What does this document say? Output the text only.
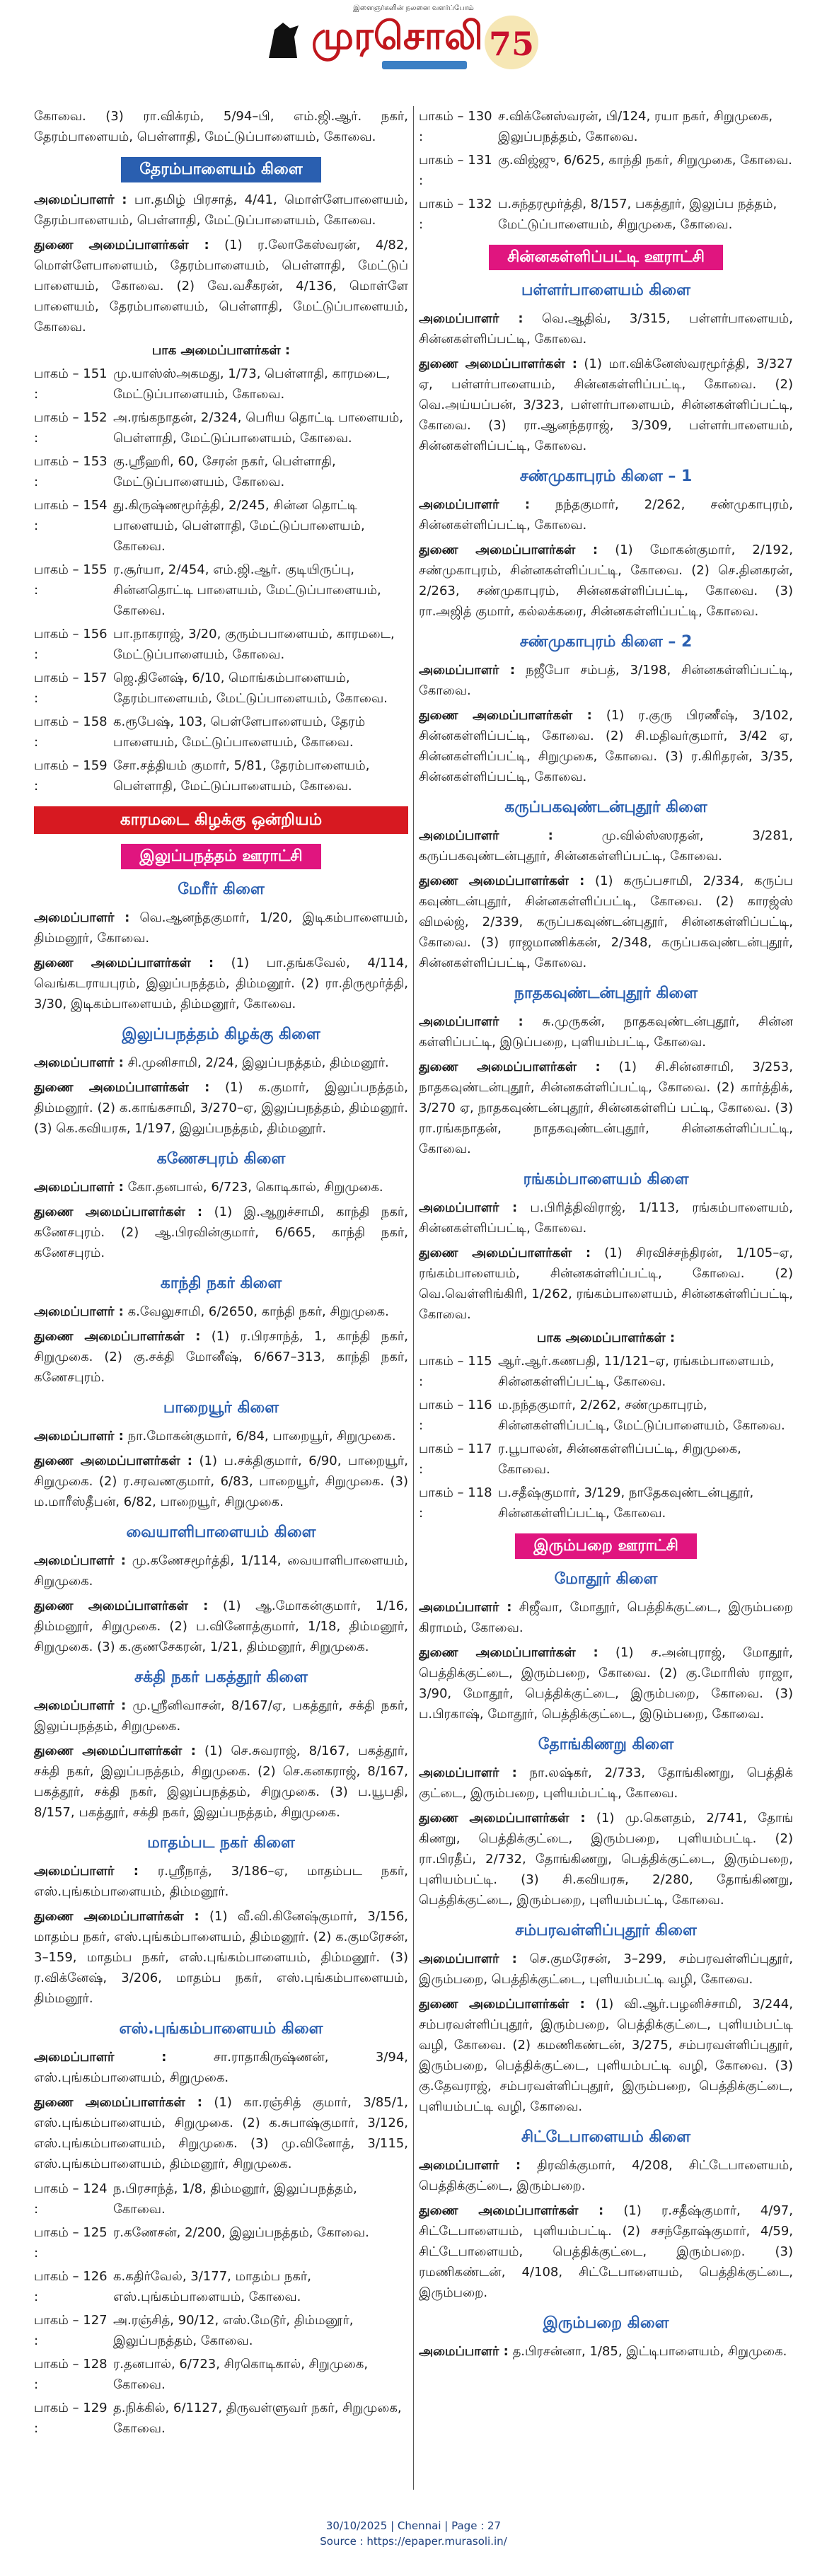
இளைஞர்களின் நலனை வளர்ப்போம்
முரசொலி
75
கோவை. (3) ரா.விக்ரம், 5/94–பி, எம்.ஜி.ஆர். நகர், தேரம்பாளையம், பெள்ளாதி, மேட்டுப்பாளையம், கோவை.
தேரம்பாளையம் கிளை
அமைப்பாளர் : பா.தமிழ் பிரசாத், 4/41, மொள்ளேபாளையம், தேரம்பாளையம், பெள்ளாதி, மேட்டுப்பாளையம், கோவை.
துணை அமைப்பாளர்கள் : (1) ர.லோகேஸ்வரன், 4/82, மொள்ளேபாளையம், தேரம்பாளையம், பெள்ளாதி, மேட்டுப் பாளையம், கோவை. (2) வே.வசீகரன், 4/136, மொள்ளே பாளையம், தேரம்பாளையம், பெள்ளாதி, மேட்டுப்பாளையம், கோவை.
பாக அமைப்பாளர்கள் :
பாகம் – 151 :
மு.யாஸ்ஸ்அகமது, 1/73, பெள்ளாதி, காரமடை, மேட்டுப்பாளையம், கோவை.
பாகம் – 152 :
அ.ரங்கநாதன், 2/324, பெரிய தொட்டி பாளையம், பெள்ளாதி, மேட்டுப்பாளையம், கோவை.
பாகம் – 153 :
கு.ஸ்ரீஹரி, 60, சேரன் நகர், பெள்ளாதி, மேட்டுப்பாளையம், கோவை.
பாகம் – 154 :
து.கிருஷ்ணமூர்த்தி, 2/245, சின்ன தொட்டி பாளையம், பெள்ளாதி, மேட்டுப்பாளையம், கோவை.
பாகம் – 155 :
ர.சூர்யா, 2/454, எம்.ஜி.ஆர். குடியிருப்பு, சின்னதொட்டி பாளையம், மேட்டுப்பாளையம், கோவை.
பாகம் – 156 :
பா.நாகராஜ், 3/20, குரும்பபாளையம், காரமடை, மேட்டுப்பாளையம், கோவை.
பாகம் – 157 :
ஜெ.தினேஷ், 6/10, மொங்கம்பாளையம், தேரம்பாளையம், மேட்டுப்பாளையம், கோவை.
பாகம் – 158 :
க.ரூபேஷ், 103, பெள்ளேபாளையம், தேரம் பாளையம், மேட்டுப்பாளையம், கோவை.
பாகம் – 159 :
சோ.சத்தியம் குமார், 5/81, தேரம்பாளையம், பெள்ளாதி, மேட்டுப்பாளையம், கோவை.
காரமடை கிழக்கு ஒன்றியம்
இலுப்பநத்தம் ஊராட்சி
மேரீர் கிளை
அமைப்பாளர் : வெ.ஆனந்தகுமார், 1/20, இடிகம்பாளையம், திம்மனூர், கோவை.
துணை அமைப்பாளர்கள் : (1) பா.தங்கவேல், 4/114, வெங்கடராயபுரம், இலுப்பநத்தம், திம்மனூர். (2) ரா.திருமூர்த்தி, 3/30, இடிகம்பாளையம், திம்மனூர், கோவை.
இலுப்பநத்தம் கிழக்கு கிளை
அமைப்பாளர் : சி.முனிசாமி, 2/24, இலுப்பநத்தம், திம்மனூர்.
துணை அமைப்பாளர்கள் : (1) க.குமார், இலுப்பநத்தம், திம்மனூர். (2) க.காங்கசாமி, 3/270–ஏ, இலுப்பநத்தம், திம்மனூர். (3) கெ.கவியரசு, 1/197, இலுப்பநத்தம், திம்மனூர்.
கணேசபுரம் கிளை
அமைப்பாளர் : கோ.தனபால், 6/723, கொடிகால், சிறுமுகை.
துணை அமைப்பாளர்கள் : (1) இ.ஆறுச்சாமி, காந்தி நகர், கணேசபுரம். (2) ஆ.பிரவின்குமார், 6/665, காந்தி நகர், கணேசபுரம்.
காந்தி நகர் கிளை
அமைப்பாளர் : க.வேலுசாமி, 6/2650, காந்தி நகர், சிறுமுகை.
துணை அமைப்பாளர்கள் : (1) ர.பிரசாந்த், 1, காந்தி நகர், சிறுமுகை. (2) கு.சக்தி மோனீஷ், 6/667–313, காந்தி நகர், கணேசபுரம்.
பாறையூர் கிளை
அமைப்பாளர் : நா.மோகன்குமார், 6/84, பாறையூர், சிறுமுகை.
துணை அமைப்பாளர்கள் : (1) ப.சக்திகுமார், 6/90, பாறையூர், சிறுமுகை. (2) ர.சரவணகுமார், 6/83, பாறையூர், சிறுமுகை. (3) ம.மாரீஸ்தீபன், 6/82, பாறையூர், சிறுமுகை.
வையாளிபாளையம் கிளை
அமைப்பாளர் : மு.கணேசமூர்த்தி, 1/114, வையாளிபாளையம், சிறுமுகை.
துணை அமைப்பாளர்கள் : (1) ஆ.மோகன்குமார், 1/16, திம்மனூர், சிறுமுகை. (2) ப.வினோத்குமார், 1/18, திம்மனூர், சிறுமுகை. (3) க.குணசேகரன், 1/21, திம்மனூர், சிறுமுகை.
சக்தி நகர் பகத்தூர் கிளை
அமைப்பாளர் : மு.ஸ்ரீனிவாசன், 8/167/ஏ, பகத்தூர், சக்தி நகர், இலுப்பநத்தம், சிறுமுகை.
துணை அமைப்பாளர்கள் : (1) செ.சுவராஜ், 8/167, பகத்தூர், சக்தி நகர், இலுப்பநத்தம், சிறுமுகை. (2) செ.கனகராஜ், 8/167, பகத்தூர், சக்தி நகர், இலுப்பநத்தம், சிறுமுகை. (3) ப.யூபதி, 8/157, பகத்தூர், சக்தி நகர், இலுப்பநத்தம், சிறுமுகை.
மாதம்பட நகர் கிளை
அமைப்பாளர் : ர.ஸ்ரீநாத், 3/186–ஏ, மாதம்பட நகர், எஸ்.புங்கம்பாளையம், திம்மனூர்.
துணை அமைப்பாளர்கள் : (1) வீ.வி.கினேஷ்குமார், 3/156, மாதம்ப நகர், எஸ்.புங்கம்பாளையம், திம்மனூர். (2) க.குமரேசன், 3–159, மாதம்ப நகர், எஸ்.புங்கம்பாளையம், திம்மனூர். (3) ர.விக்னேஷ், 3/206, மாதம்ப நகர், எஸ்.புங்கம்பாளையம், திம்மனூர்.
எஸ்.புங்கம்பாளையம் கிளை
அமைப்பாளர் :	சா.ராதாகிருஷ்ணன், 3/94, எஸ்.புங்கம்பாளையம், சிறுமுகை.
துணை அமைப்பாளர்கள் : (1) கா.ரஞ்சித் குமார், 3/85/1, எஸ்.புங்கம்பாளையம், சிறுமுகை. (2) க.சுபாஷ்குமார், 3/126, எஸ்.புங்கம்பாளையம், சிறுமுகை. (3) மு.வினோத், 3/115, எஸ்.புங்கம்பாளையம், திம்மனூர், சிறுமுகை.
பாகம் – 124 :
ந.பிரசாந்த், 1/8, திம்மனூர், இலுப்பநத்தம், கோவை.
பாகம் – 125 :
ர.கணேசன், 2/200, இலுப்பநத்தம், கோவை.
பாகம் – 126 :
க.கதிர்வேல், 3/177, மாதம்ப நகர், எஸ்.புங்கம்பாளையம், கோவை.
பாகம் – 127 :
அ.ரஞ்சித், 90/12, எஸ்.மேடூர், திம்மனூர், இலுப்பநத்தம், கோவை.
பாகம் – 128 :
ர.தனபால், 6/723, சிரகொடிகால், சிறுமுகை, கோவை.
பாகம் – 129 :
த.நிக்கில், 6/1127, திருவள்ளுவர் நகர், சிறுமுகை, கோவை.
பாகம் – 130 :
ச.விக்னேஸ்வரன், பி/124, ரயா நகர், சிறுமுகை, இலுப்பநத்தம், கோவை.
பாகம் – 131 :
கு.விஜ்ஜு, 6/625, காந்தி நகர், சிறுமுகை, கோவை.
பாகம் – 132 :
ப.சுந்தரமூர்த்தி, 8/157, பகத்தூர், இலுப்ப நத்தம், மேட்டுப்பாளையம், சிறுமுகை, கோவை.
சின்னகள்ளிப்பட்டி ஊராட்சி
பள்ளர்பாளையம் கிளை
அமைப்பாளர் : வெ.ஆதிவ், 3/315, பள்ளர்பாளையம், சின்னகள்ளிப்பட்டி, கோவை.
துணை அமைப்பாளர்கள் : (1) மா.விக்னேஸ்வரமூர்த்தி, 3/327 ஏ, பள்ளர்பாளையம், சின்னகள்ளிப்பட்டி, கோவை. (2) வெ.அய்யப்பன், 3/323, பள்ளர்பாளையம், சின்னகள்ளிப்பட்டி, கோவை. (3) ரா.ஆனந்தராஜ், 3/309, பள்ளர்பாளையம், சின்னகள்ளிப்பட்டி, கோவை.
சண்முகாபுரம் கிளை – 1
அமைப்பாளர் : நந்தகுமார், 2/262, சண்முகாபுரம், சின்னகள்ளிப்பட்டி, கோவை.
துணை அமைப்பாளர்கள் : (1) மோகன்குமார், 2/192, சண்முகாபுரம், சின்னகள்ளிப்பட்டி, கோவை. (2) செ.தினகரன், 2/263, சண்முகாபுரம், சின்னகள்ளிப்பட்டி, கோவை. (3) ரா.அஜித் குமார், கல்லக்கரை, சின்னகள்ளிப்பட்டி, கோவை.
சண்முகாபுரம் கிளை – 2
அமைப்பாளர் : நஜீபோ சம்பத், 3/198, சின்னகள்ளிப்பட்டி, கோவை.
துணை அமைப்பாளர்கள் : (1) ர.குரு பிரணீஷ், 3/102, சின்னகள்ளிப்பட்டி, கோவை. (2) சி.மதிவர்குமார், 3/42 ஏ, சின்னகள்ளிப்பட்டி, சிறுமுகை, கோவை. (3) ர.கிரிதரன், 3/35, சின்னகள்ளிப்பட்டி, கோவை.
கருப்பகவுண்டன்புதூர் கிளை
அமைப்பாளர் :	மு.வில்ஸ்ஸரதன், 3/281, கருப்பகவுண்டன்புதூர், சின்னகள்ளிப்பட்டி, கோவை.
துணை அமைப்பாளர்கள் : (1) கருப்பசாமி, 2/334, கருப்ப கவுண்டன்புதூர், சின்னகள்ளிப்பட்டி, கோவை. (2) காரஜ்ஸ் விமல்ஜ், 2/339, கருப்பகவுண்டன்புதூர், சின்னகள்ளிப்பட்டி, கோவை. (3) ராஜமாணிக்கன், 2/348, கருப்பகவுண்டன்புதூர், சின்னகள்ளிப்பட்டி, கோவை.
நாதகவுண்டன்புதூர் கிளை
அமைப்பாளர் : சு.முருகன், நாதகவுண்டன்புதூர், சின்ன கள்ளிப்பட்டி, இடுப்பறை, புளியம்பட்டி, கோவை.
துணை அமைப்பாளர்கள் : (1) சி.சின்னசாமி, 3/253, நாதகவுண்டன்புதூர், சின்னகள்ளிப்பட்டி, கோவை. (2) கார்த்திக், 3/270 ஏ, நாதகவுண்டன்புதூர், சின்னகள்ளிப் பட்டி, கோவை. (3) ரா.ரங்கநாதன், நாதகவுண்டன்புதூர், சின்னகள்ளிப்பட்டி, கோவை.
ரங்கம்பாளையம் கிளை
அமைப்பாளர் : ப.பிரித்திவிராஜ், 1/113, ரங்கம்பாளையம், சின்னகள்ளிப்பட்டி, கோவை.
துணை அமைப்பாளர்கள் : (1) சிரவிச்சந்திரன், 1/105–ஏ, ரங்கம்பாளையம், சின்னகள்ளிப்பட்டி, கோவை. (2) வெ.வெள்ளிங்கிரி, 1/262, ரங்கம்பாளையம், சின்னகள்ளிப்பட்டி, கோவை.
பாக அமைப்பாளர்கள் :
பாகம் – 115 :
ஆர்.ஆர்.கணபதி, 11/121–ஏ, ரங்கம்பாளையம், சின்னகள்ளிப்பட்டி, கோவை.
பாகம் – 116 :
ம.நந்தகுமார், 2/262, சண்முகாபுரம், சின்னகள்ளிப்பட்டி, மேட்டுப்பாளையம், கோவை.
பாகம் – 117 :
ர.பூபாலன், சின்னகள்ளிப்பட்டி, சிறுமுகை, கோவை.
பாகம் – 118 :
ப.சதீஷ்குமார், 3/129, நாதேகவுண்டன்புதூர், சின்னகள்ளிப்பட்டி, கோவை.
இரும்பறை ஊராட்சி
மோதூர் கிளை
அமைப்பாளர் : சிஜீவா, மோதூர், பெத்திக்குட்டை, இரும்பறை கிராமம், கோவை.
துணை அமைப்பாளர்கள் : (1) ச.அன்புராஜ், மோதூர், பெத்திக்குட்டை, இரும்பறை, கோவை. (2) கு.மோரிஸ் ராஜா, 3/90, மோதூர், பெத்திக்குட்டை, இரும்பறை, கோவை. (3) ப.பிரகாஷ், மோதூர், பெத்திக்குட்டை, இடும்பறை, கோவை.
தோங்கிணறு கிளை
அமைப்பாளர் : நா.லஷ்கர், 2/733, தோங்கிணறு, பெத்திக் குட்டை, இரும்பறை, புளியம்பட்டி, கோவை.
துணை அமைப்பாளர்கள் : (1) மு.கௌதம், 2/741, தோங் கிணறு, பெத்திக்குட்டை, இரும்பறை, புளியம்பட்டி. (2) ரா.பிரதீப், 2/732, தோங்கிணறு, பெத்திக்குட்டை, இரும்பறை, புளியம்பட்டி. (3) சி.கவியரசு, 2/280, தோங்கிணறு, பெத்திக்குட்டை, இரும்பறை, புளியம்பட்டி, கோவை.
சம்பரவள்ளிப்புதூர் கிளை
அமைப்பாளர் : செ.குமரேசன், 3–299, சம்பரவள்ளிப்புதூர், இரும்பறை, பெத்திக்குட்டை, புளியம்பட்டி வழி, கோவை.
துணை அமைப்பாளர்கள் : (1) வி.ஆர்.பழனிச்சாமி, 3/244, சம்பரவள்ளிப்புதூர், இரும்பறை, பெத்திக்குட்டை, புளியம்பட்டி வழி, கோவை. (2) கமணிகண்டன், 3/275, சம்பரவள்ளிப்புதூர், இரும்பறை, பெத்திக்குட்டை, புளியம்பட்டி வழி, கோவை. (3) கு.தேவராஜ், சம்பரவள்ளிப்புதூர், இரும்பறை, பெத்திக்குட்டை, புளியம்பட்டி வழி, கோவை.
சிட்டேபாளையம் கிளை
அமைப்பாளர் : திரவிக்குமார், 4/208, சிட்டேபாளையம், பெத்திக்குட்டை, இரும்பறை.
துணை அமைப்பாளர்கள் : (1) ர.சதீஷ்குமார், 4/97, சிட்டேபாளையம், புளியம்பட்டி. (2) சசந்தோஷ்குமார், 4/59, சிட்டேபாளையம், பெத்திக்குட்டை, இரும்பறை. (3) ரமணிகண்டன், 4/108, சிட்டேபாளையம், பெத்திக்குட்டை, இரும்பறை.
இரும்பறை கிளை
அமைப்பாளர் : த.பிரசன்னா, 1/85, இட்டிபாளையம், சிறுமுகை.
30/10/2025 | Chennai | Page : 27
Source : https://epaper.murasoli.in/
